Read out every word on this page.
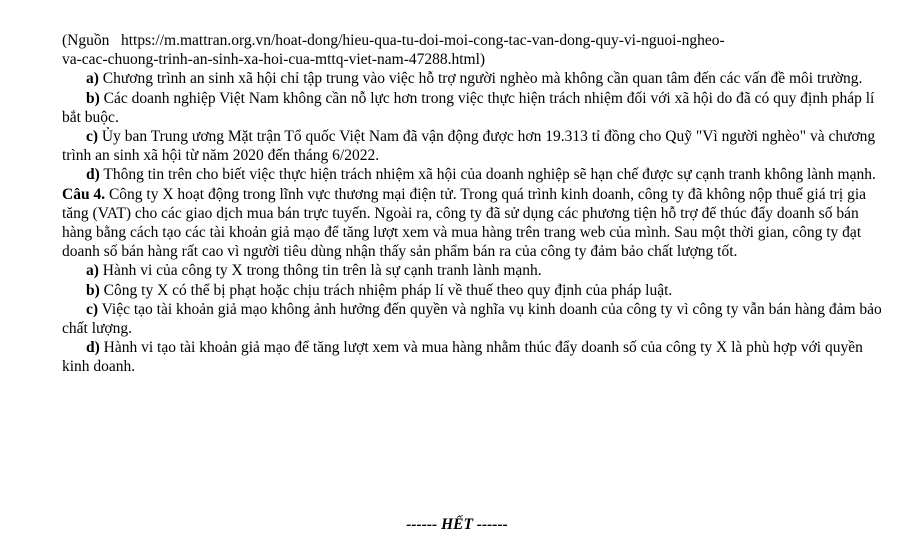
(Nguồn https://m.mattran.org.vn/hoat-dong/hieu-qua-tu-doi-moi-cong-tac-van-dong-quy-vi-nguoi-ngheo-
va-cac-chuong-trinh-an-sinh-xa-hoi-cua-mttq-viet-nam-47288.html)

a) Chương trình an sinh xã hội chỉ tập trung vào việc hỗ trợ người nghèo mà không cần quan tâm đến các vấn đề môi trường.

b) Các doanh nghiệp Việt Nam không cần nỗ lực hơn trong việc thực hiện trách nhiệm đối với xã hội do đã có quy định pháp lí bắt buộc.

c) Ủy ban Trung ương Mặt trận Tổ quốc Việt Nam đã vận động được hơn 19.313 tỉ đồng cho Quỹ "Vì người nghèo" và chương trình an sinh xã hội từ năm 2020 đến tháng 6/2022.

d) Thông tin trên cho biết việc thực hiện trách nhiệm xã hội của doanh nghiệp sẽ hạn chế được sự cạnh tranh không lành mạnh.

Câu 4. Công ty X hoạt động trong lĩnh vực thương mại điện tử. Trong quá trình kinh doanh, công ty đã không nộp thuế giá trị gia tăng (VAT) cho các giao dịch mua bán trực tuyến. Ngoài ra, công ty đã sử dụng các phương tiện hỗ trợ để thúc đẩy doanh số bán hàng bằng cách tạo các tài khoản giả mạo để tăng lượt xem và mua hàng trên trang web của mình. Sau một thời gian, công ty đạt doanh số bán hàng rất cao vì người tiêu dùng nhận thấy sản phẩm bán ra của công ty đảm bảo chất lượng tốt.

a) Hành vi của công ty X trong thông tin trên là sự cạnh tranh lành mạnh.

b) Công ty X có thể bị phạt hoặc chịu trách nhiệm pháp lí về thuế theo quy định của pháp luật.

c) Việc tạo tài khoản giả mạo không ảnh hưởng đến quyền và nghĩa vụ kinh doanh của công ty vì công ty vẫn bán hàng đảm bảo chất lượng.

d) Hành vi tạo tài khoản giả mạo để tăng lượt xem và mua hàng nhằm thúc đẩy doanh số của công ty X là phù hợp với quyền kinh doanh.

------ HẾT ------
